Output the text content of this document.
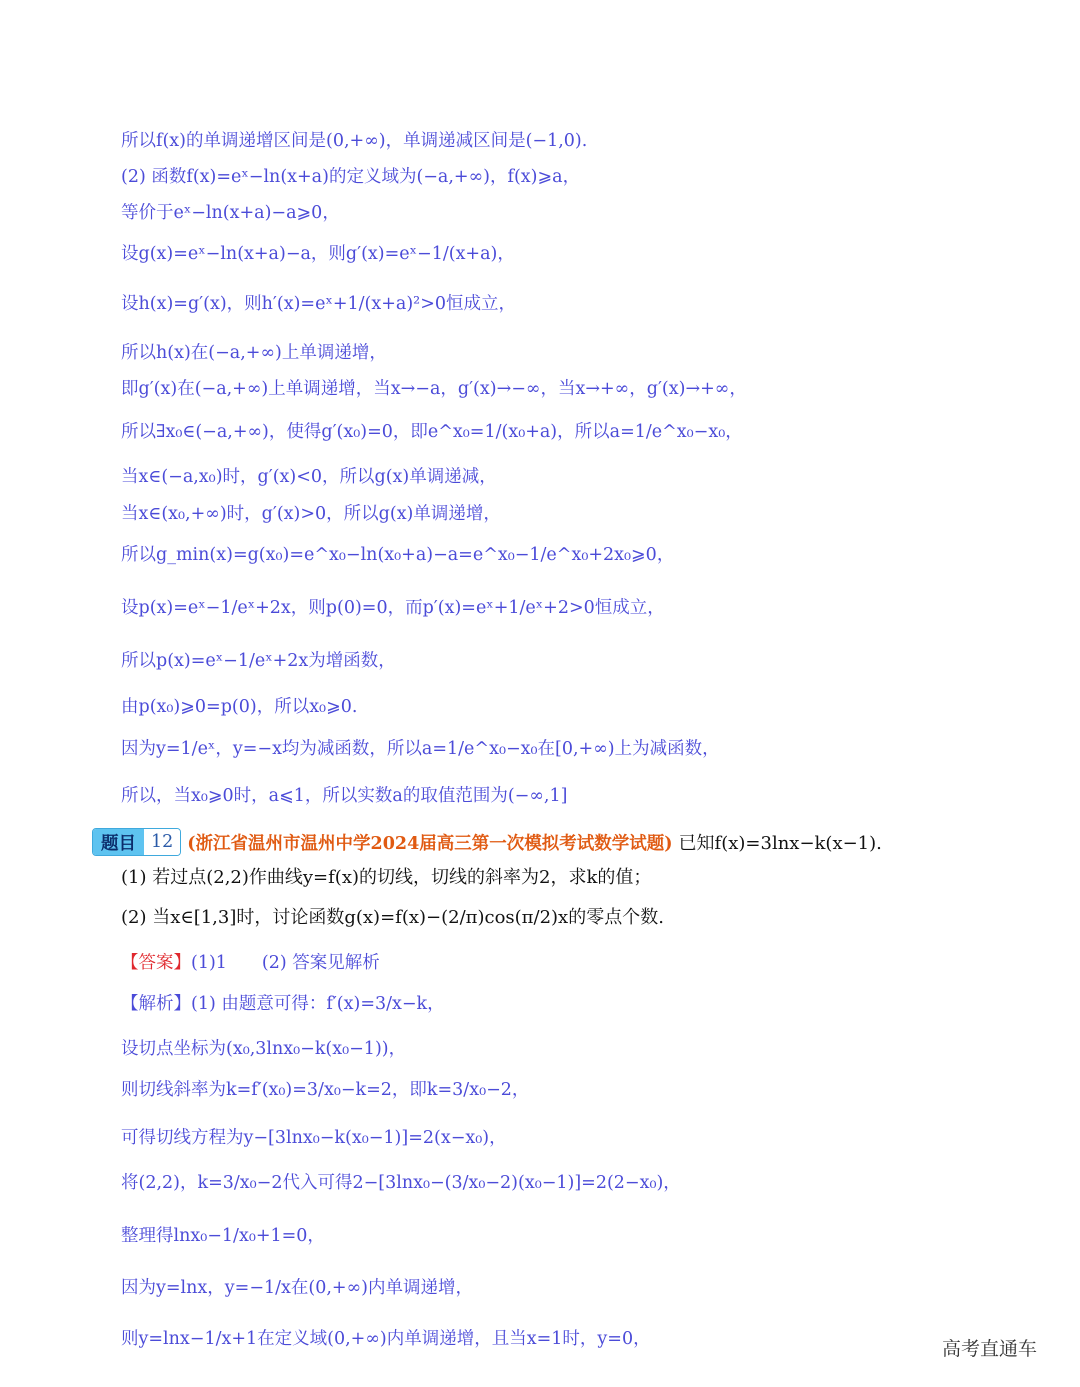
所以f(x)的单调递增区间是(0,+∞)，单调递减区间是(−1,0).
(2) 函数f(x)=eˣ−ln(x+a)的定义域为(−a,+∞)，f(x)⩾a，
等价于eˣ−ln(x+a)−a⩾0，
设g(x)=eˣ−ln(x+a)−a，则g′(x)=eˣ−1/(x+a)，
设h(x)=g′(x)，则h′(x)=eˣ+1/(x+a)²>0恒成立，
所以h(x)在(−a,+∞)上单调递增，
即g′(x)在(−a,+∞)上单调递增，当x→−a，g′(x)→−∞，当x→+∞，g′(x)→+∞，
所以∃x₀∈(−a,+∞)，使得g′(x₀)=0，即e^x₀=1/(x₀+a)，所以a=1/e^x₀−x₀，
当x∈(−a,x₀)时，g′(x)<0，所以g(x)单调递减，
当x∈(x₀,+∞)时，g′(x)>0，所以g(x)单调递增，
所以g_min(x)=g(x₀)=e^x₀−ln(x₀+a)−a=e^x₀−1/e^x₀+2x₀⩾0，
设p(x)=eˣ−1/eˣ+2x，则p(0)=0，而p′(x)=eˣ+1/eˣ+2>0恒成立，
所以p(x)=eˣ−1/eˣ+2x为增函数，
由p(x₀)⩾0=p(0)，所以x₀⩾0.
因为y=1/eˣ，y=−x均为减函数，所以a=1/e^x₀−x₀在[0,+∞)上为减函数，
所以，当x₀⩾0时，a⩽1，所以实数a的取值范围为(−∞,1]
题目 12 (浙江省温州市温州中学2024届高三第一次模拟考试数学试题) 已知f(x)=3lnx−k(x−1).
(1) 若过点(2,2)作曲线y=f(x)的切线，切线的斜率为2，求k的值；
(2) 当x∈[1,3]时，讨论函数g(x)=f(x)−(2/π)cos(π/2)x的零点个数.
【答案】(1)1　　(2) 答案见解析
【解析】(1) 由题意可得：f′(x)=3/x−k，
设切点坐标为(x₀,3lnx₀−k(x₀−1))，
则切线斜率为k=f′(x₀)=3/x₀−k=2，即k=3/x₀−2，
可得切线方程为y−[3lnx₀−k(x₀−1)]=2(x−x₀)，
将(2,2)，k=3/x₀−2代入可得2−[3lnx₀−(3/x₀−2)(x₀−1)]=2(2−x₀)，
整理得lnx₀−1/x₀+1=0，
因为y=lnx，y=−1/x在(0,+∞)内单调递增，
则y=lnx−1/x+1在定义域(0,+∞)内单调递增，且当x=1时，y=0，	高考直通车
